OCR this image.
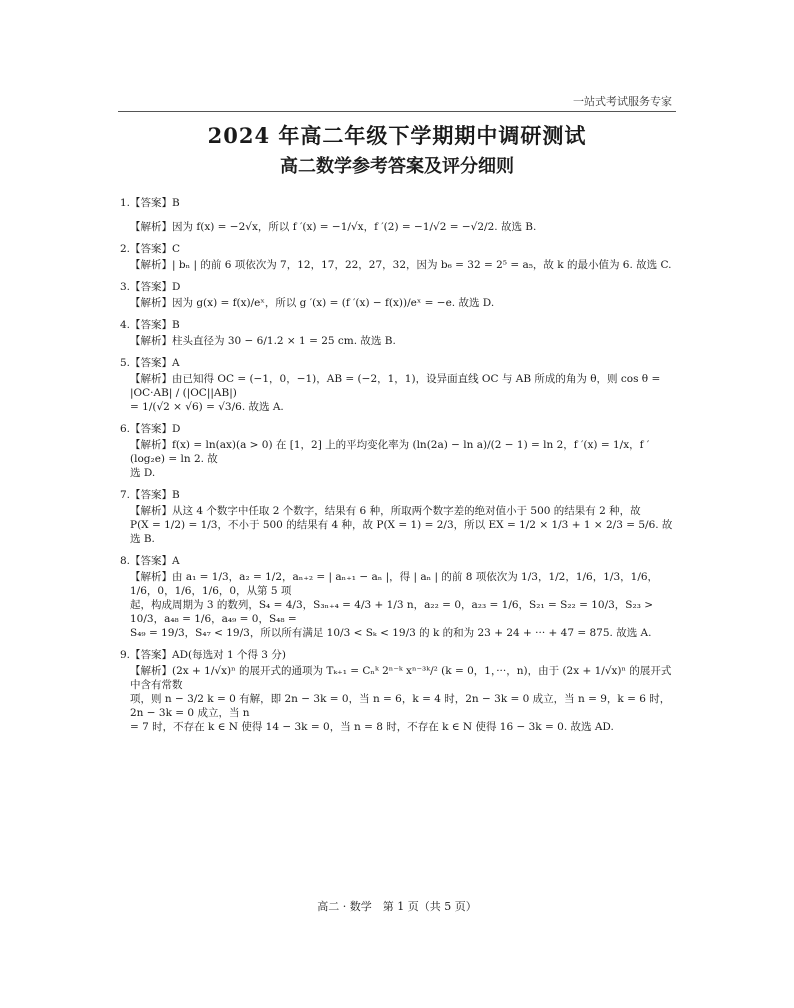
一站式考试服务专家
2024 年高二年级下学期期中调研测试
高二数学参考答案及评分细则
1.【答案】B
【解析】因为 f(x) = −2√x，所以 f ′(x) = −1/√x，f ′(2) = −1/√2 = −√2/2. 故选 B.
2.【答案】C
【解析】| bₙ | 的前 6 项依次为 7，12，17，22，27，32，因为 b₆ = 32 = 2⁵ = a₅，故 k 的最小值为 6. 故选 C.
3.【答案】D
【解析】因为 g(x) = f(x)/eˣ，所以 g ′(x) = (f ′(x) − f(x))/eˣ = −e. 故选 D.
4.【答案】B
【解析】柱头直径为 30 − 6/1.2 × 1 = 25 cm. 故选 B.
5.【答案】A
【解析】由已知得 OC = (−1，0，−1)，AB = (−2，1，1)，设异面直线 OC 与 AB 所成的角为 θ，则 cos θ = |OC·AB| / (|OC||AB|)
= 1/(√2 × √6) = √3/6. 故选 A.
6.【答案】D
【解析】f(x) = ln(ax)(a > 0) 在 [1，2] 上的平均变化率为 (ln(2a) − ln a)/(2 − 1) = ln 2，f ′(x) = 1/x，f ′(log₂e) = ln 2. 故
选 D.
7.【答案】B
【解析】从这 4 个数字中任取 2 个数字，结果有 6 种，所取两个数字差的绝对值小于 500 的结果有 2 种，故
P(X = 1/2) = 1/3，不小于 500 的结果有 4 种，故 P(X = 1) = 2/3，所以 EX = 1/2 × 1/3 + 1 × 2/3 = 5/6. 故选 B.
8.【答案】A
【解析】由 a₁ = 1/3，a₂ = 1/2，aₙ₊₂ = | aₙ₊₁ − aₙ |，得 | aₙ | 的前 8 项依次为 1/3，1/2，1/6，1/3，1/6，1/6，0，1/6，1/6，0，从第 5 项
起，构成周期为 3 的数列，S₄ = 4/3，S₃ₙ₊₄ = 4/3 + 1/3 n，a₂₂ = 0，a₂₃ = 1/6，S₂₁ = S₂₂ = 10/3，S₂₃ > 10/3，a₄₈ = 1/6，a₄₉ = 0，S₄₈ =
S₄₉ = 19/3，S₄₇ < 19/3，所以所有满足 10/3 < Sₖ < 19/3 的 k 的和为 23 + 24 + ··· + 47 = 875. 故选 A.
9.【答案】AD(每选对 1 个得 3 分)
【解析】(2x + 1/√x)ⁿ 的展开式的通项为 Tₖ₊₁ = Cₙᵏ 2ⁿ⁻ᵏ xⁿ⁻³ᵏ/² (k = 0，1，···，n)，由于 (2x + 1/√x)ⁿ 的展开式中含有常数
项，则 n − 3/2 k = 0 有解，即 2n − 3k = 0，当 n = 6，k = 4 时，2n − 3k = 0 成立，当 n = 9，k = 6 时，2n − 3k = 0 成立，当 n
= 7 时，不存在 k ∈ N 使得 14 − 3k = 0，当 n = 8 时，不存在 k ∈ N 使得 16 − 3k = 0. 故选 AD.
高二 · 数学　第 1 页（共 5 页）
